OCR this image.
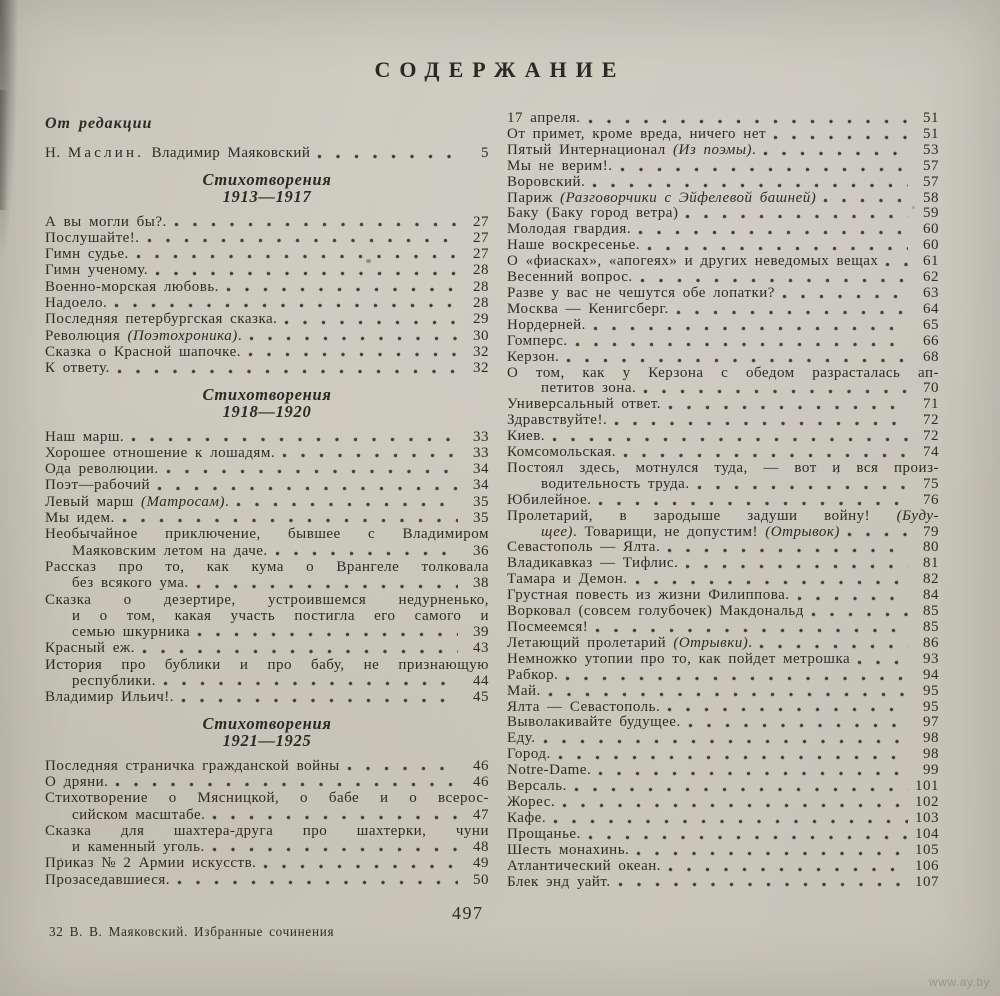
СОДЕРЖАНИЕ
От редакции
Н. Маслин. Владимир Маяковский	5
Стихотворения
1913—1917
А вы могли бы?.	27
Послушайте!.	27
Гимн судье.	27
Гимн ученому.	28
Военно-морская любовь.	28
Надоело.	28
Последняя петербургская сказка.	29
Революция (Поэтохроника).	30
Сказка о Красной шапочке.	32
К ответу.	32
Стихотворения
1918—1920
Наш марш.	33
Хорошее отношение к лошадям.	33
Ода революции.	34
Поэт—рабочий	34
Левый марш (Матросам).	35
Мы идем.	35
Необычайное приключение, бывшее с Владимиром
Маяковским летом на даче.	36
Рассказ про то, как кума о Врангеле толковала
без всякого ума.	38
Сказка о дезертире, устроившемся недурненько,
и о том, какая участь постигла его самого и
семью шкурника	39
Красный еж.	43
История про бублики и про бабу, не признающую
республики.	44
Владимир Ильич!.	45
Стихотворения
1921—1925
Последняя страничка гражданской войны	46
О дряни.	46
Стихотворение о Мясницкой, о бабе и о всерос-
сийском масштабе.	47
Сказка для шахтера-друга про шахтерки, чуни
и каменный уголь.	48
Приказ № 2 Армии искусств.	49
Прозаседавшиеся.	50
17 апреля.	51
От примет, кроме вреда, ничего нет	51
Пятый Интернационал (Из поэмы).	53
Мы не верим!.	57
Воровский.	57
Париж (Разговорчики с Эйфелевой башней)	58
Баку (Баку город ветра)	59
Молодая гвардия.	60
Наше воскресенье.	60
О «фиасках», «апогеях» и других неведомых вещах	61
Весенний вопрос.	62
Разве у вас не чешутся обе лопатки?	63
Москва — Кенигсберг.	64
Нордерней.	65
Гомперс.	66
Керзон.	68
О том, как у Керзона с обедом разрасталась ап-
петитов зона.	70
Универсальный ответ.	71
Здравствуйте!.	72
Киев.	72
Комсомольская.	74
Постоял здесь, мотнулся туда, — вот и вся произ-
водительность труда.	75
Юбилейное.	76
Пролетарий, в зародыше задуши войну! (Буду-
щее). Товарищи, не допустим! (Отрывок)	79
Севастополь — Ялта.	80
Владикавказ — Тифлис.	81
Тамара и Демон.	82
Грустная повесть из жизни Филиппова.	84
Ворковал (совсем голубочек) Макдональд	85
Посмеемся!	85
Летающий пролетарий (Отрывки).	86
Немножко утопии про то, как пойдет метрошка	93
Рабкор.	94
Май.	95
Ялта — Севастополь.	95
Выволакивайте будущее.	97
Еду.	98
Город.	98
Notre-Dame.	99
Версаль.	101
Жорес.	102
Кафе.	103
Прощанье.	104
Шесть монахинь.	105
Атлантический океан.	106
Блек энд уайт.	107
497
32 В. В. Маяковский. Избранные сочинения
www.ay.by
